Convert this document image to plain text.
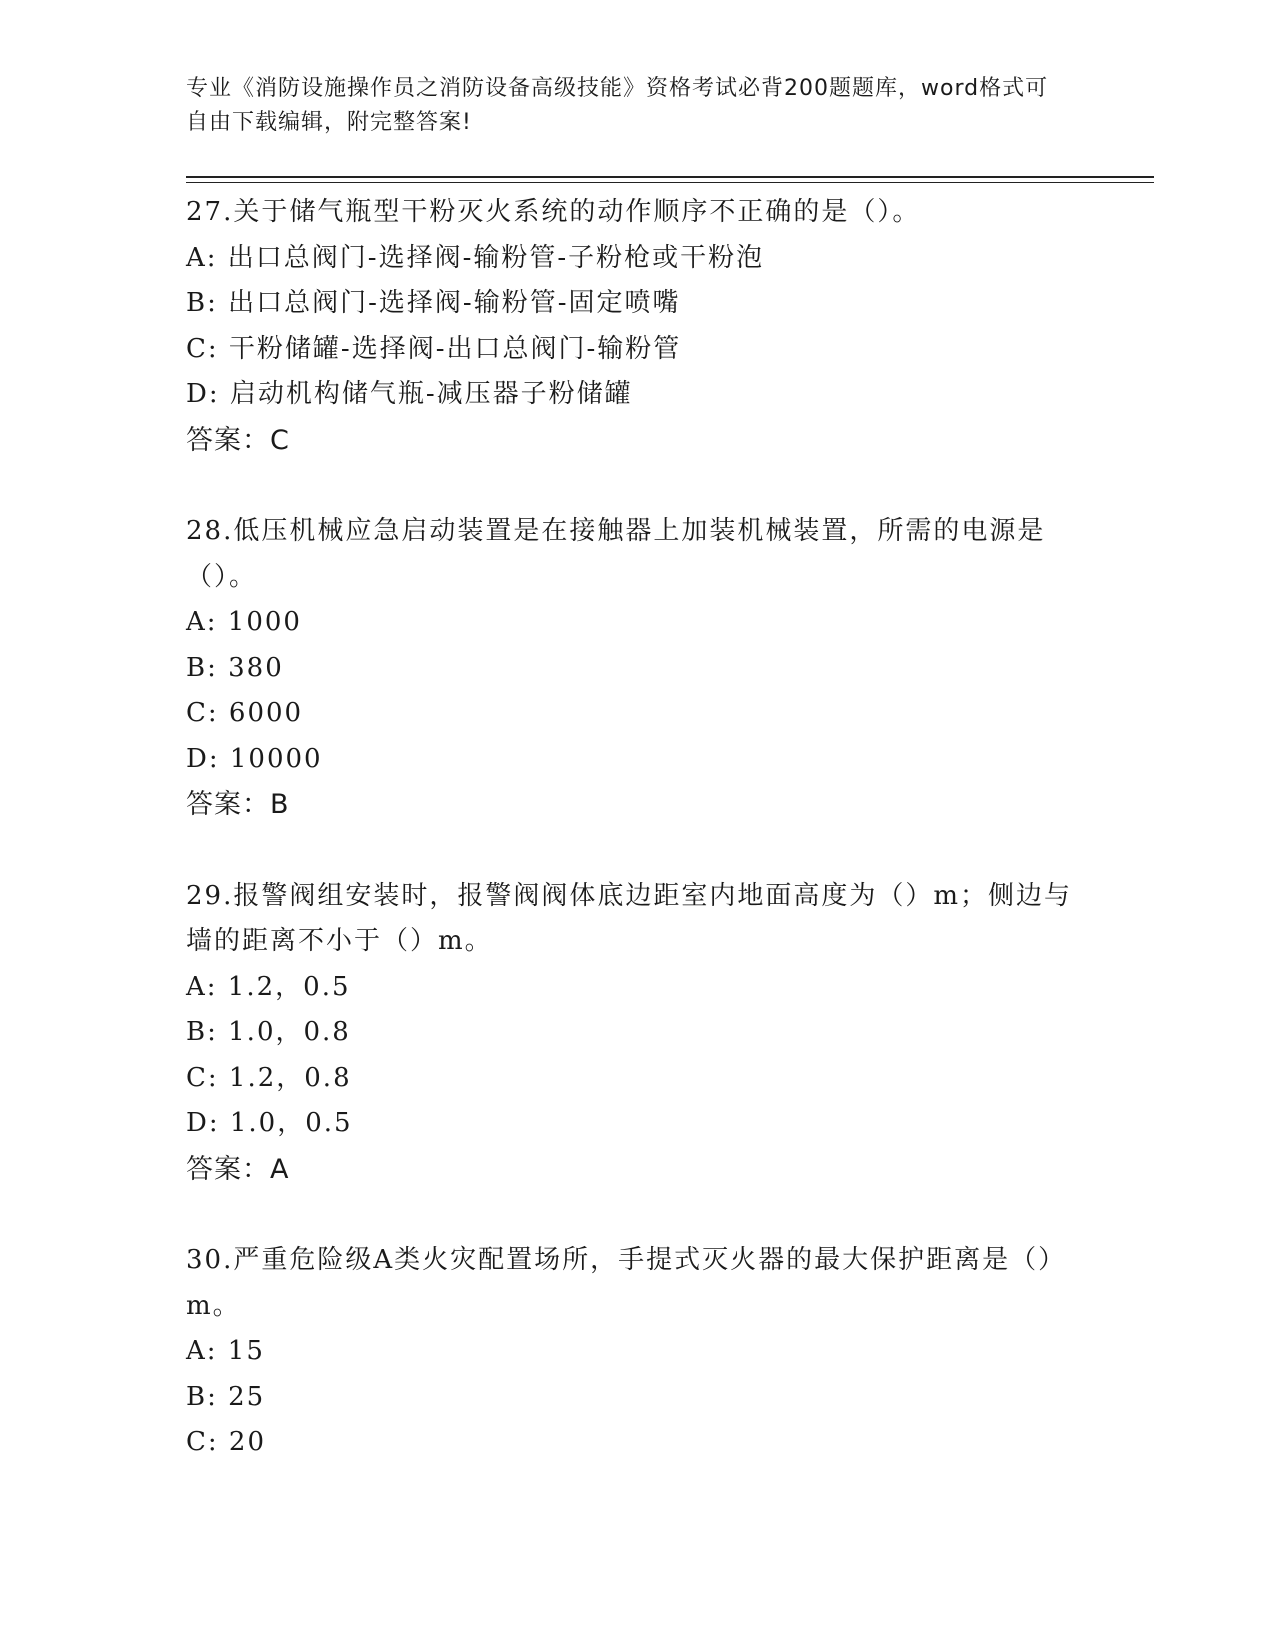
专业《消防设施操作员之消防设备高级技能》资格考试必背200题题库，word格式可自由下载编辑，附完整答案!

27.关于储气瓶型干粉灭火系统的动作顺序不正确的是（）。

A: 出口总阀门-选择阀-输粉管-子粉枪或干粉泡

B: 出口总阀门-选择阀-输粉管-固定喷嘴

C: 干粉储罐-选择阀-出口总阀门-输粉管

D: 启动机构储气瓶-减压器子粉储罐

答案：C

28.低压机械应急启动装置是在接触器上加装机械装置，所需的电源是（）。

A: 1000

B: 380

C: 6000

D: 10000

答案：B

29.报警阀组安装时，报警阀阀体底边距室内地面高度为（）m；侧边与墙的距离不小于（）m。

A: 1.2，0.5

B: 1.0，0.8

C: 1.2，0.8

D: 1.0，0.5

答案：A

30.严重危险级A类火灾配置场所，手提式灭火器的最大保护距离是（）m。

A: 15

B: 25

C: 20
